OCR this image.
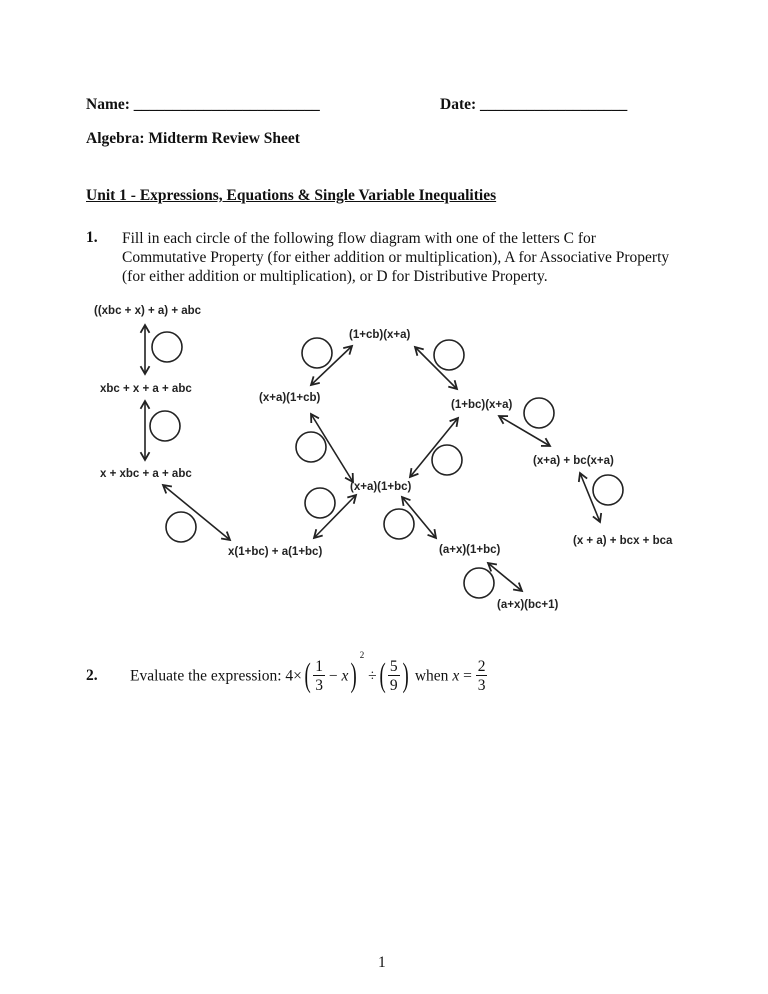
Name: ________________________	Date: ___________________
Algebra: Midterm Review Sheet
Unit 1 - Expressions, Equations & Single Variable Inequalities
1. Fill in each circle of the following flow diagram with one of the letters C for
Commutative Property (for either addition or multiplication), A for Associative Property
(for either addition or multiplication), or D for Distributive Property.
((xbc + x) + a) + abc
xbc + x + a + abc
x + xbc + a + abc
x(1+bc) + a(1+bc)
(1+cb)(x+a)
(x+a)(1+cb)
(1+bc)(x+a)
(x+a)(1+bc)
(x+a) + bc(x+a)
(x + a) + bcx + bca
(a+x)(1+bc)
(a+x)(bc+1)
2. Evaluate the expression: $4\times( \frac{1}{3} - x)^2$ ÷( $\frac{5}{9}$ ) when $x = \frac{2}{3}$
1
